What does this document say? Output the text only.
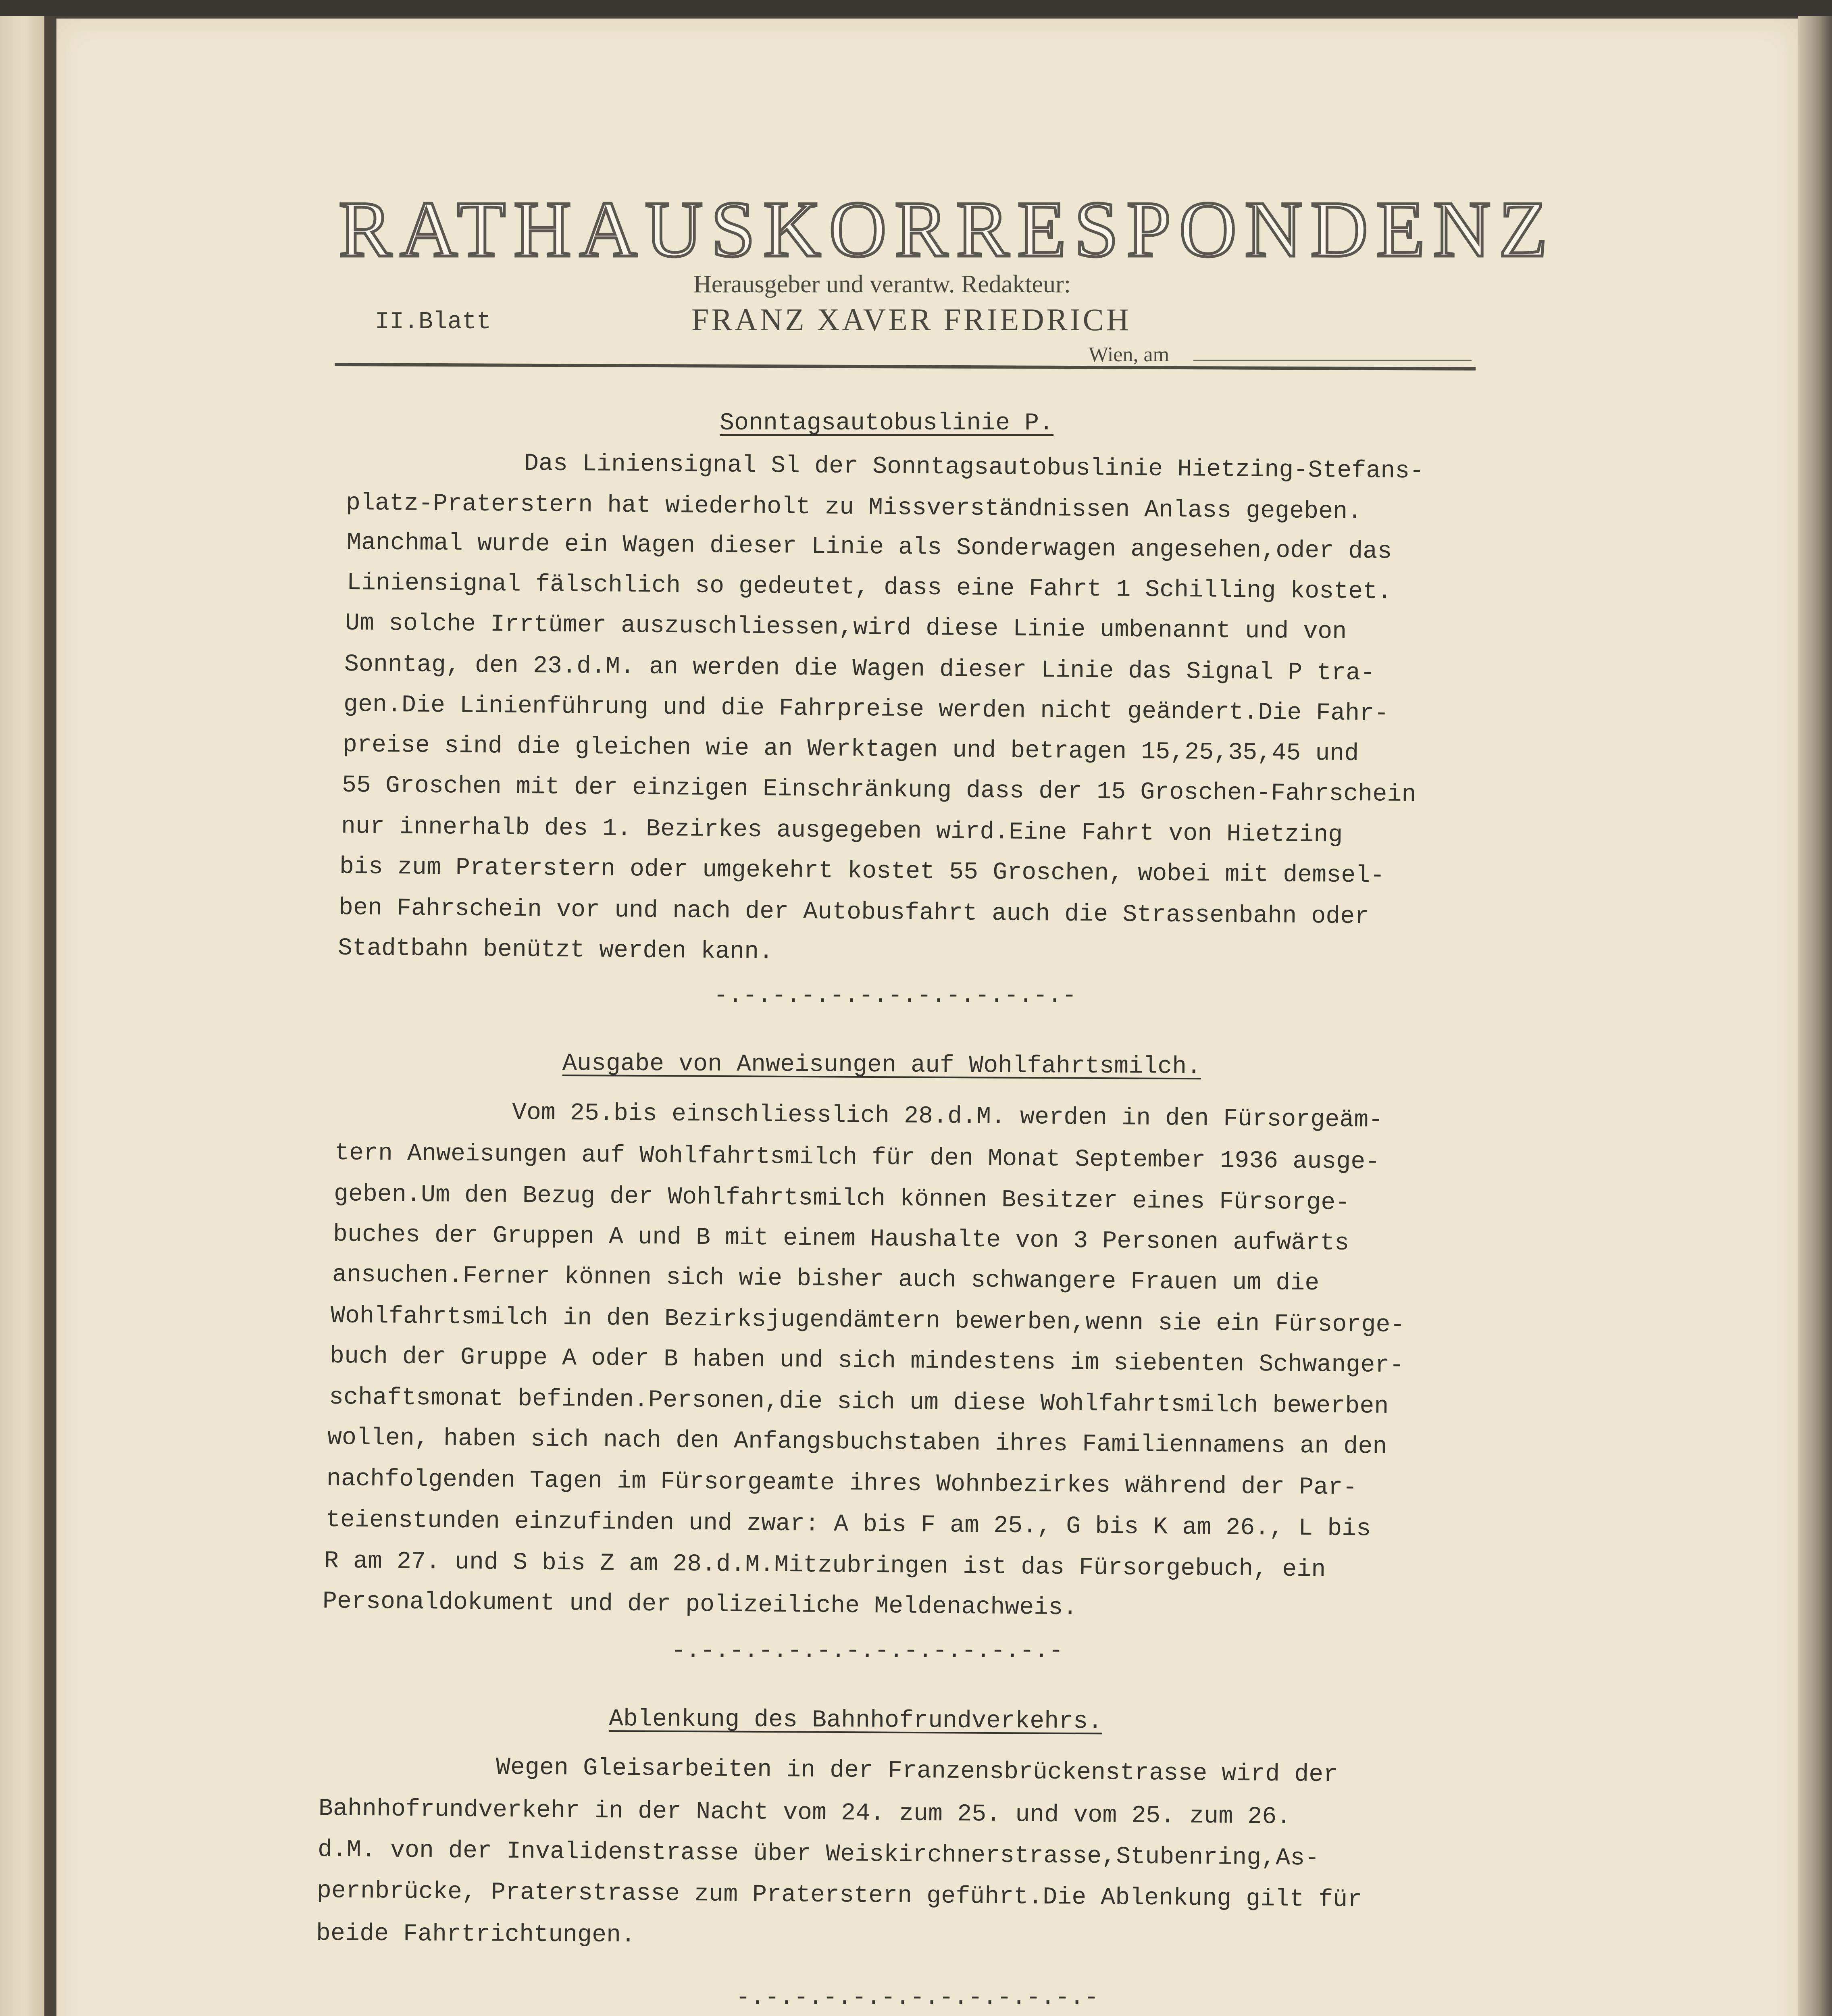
RATHAUSKORRESPONDENZ
Herausgeber und verantw. Redakteur:
FRANZ XAVER FRIEDRICH
II.Blatt
Wien, am
Sonntagsautobuslinie P.
Das Liniensignal Sl der Sonntagsautobuslinie Hietzing-Stefans-
platz-Praterstern hat wiederholt zu Missverständnissen Anlass gegeben.
Manchmal wurde ein Wagen dieser Linie als Sonderwagen angesehen,oder das
Liniensignal fälschlich so gedeutet, dass eine Fahrt 1 Schilling kostet.
Um solche Irrtümer auszuschliessen,wird diese Linie umbenannt und von
Sonntag, den 23.d.M. an werden die Wagen dieser Linie das Signal P tra-
gen.Die Linienführung und die Fahrpreise werden nicht geändert.Die Fahr-
preise sind die gleichen wie an Werktagen und betragen 15,25,35,45 und
55 Groschen mit der einzigen Einschränkung dass der 15 Groschen-Fahrschein
nur innerhalb des 1. Bezirkes ausgegeben wird.Eine Fahrt von Hietzing
bis zum Praterstern oder umgekehrt kostet 55 Groschen, wobei mit demsel-
ben Fahrschein vor und nach der Autobusfahrt auch die Strassenbahn oder
Stadtbahn benützt werden kann.
-.-.-.-.-.-.-.-.-.-.-.-.-
Ausgabe von Anweisungen auf Wohlfahrtsmilch.
Vom 25.bis einschliesslich 28.d.M. werden in den Fürsorgeäm-
tern Anweisungen auf Wohlfahrtsmilch für den Monat September 1936 ausge-
geben.Um den Bezug der Wohlfahrtsmilch können Besitzer eines Fürsorge-
buches der Gruppen A und B mit einem Haushalte von 3 Personen aufwärts
ansuchen.Ferner können sich wie bisher auch schwangere Frauen um die
Wohlfahrtsmilch in den Bezirksjugendämtern bewerben,wenn sie ein Fürsorge-
buch der Gruppe A oder B haben und sich mindestens im siebenten Schwanger-
schaftsmonat befinden.Personen,die sich um diese Wohlfahrtsmilch bewerben
wollen, haben sich nach den Anfangsbuchstaben ihres Familiennamens an den
nachfolgenden Tagen im Fürsorgeamte ihres Wohnbezirkes während der Par-
teienstunden einzufinden und zwar: A bis F am 25., G bis K am 26., L bis
R am 27. und S bis Z am 28.d.M.Mitzubringen ist das Fürsorgebuch, ein
Personaldokument und der polizeiliche Meldenachweis.
-.-.-.-.-.-.-.-.-.-.-.-.-.-
Ablenkung des Bahnhofrundverkehrs.
Wegen Gleisarbeiten in der Franzensbrückenstrasse wird der
Bahnhofrundverkehr in der Nacht vom 24. zum 25. und vom 25. zum 26.
d.M. von der Invalidenstrasse über Weiskirchnerstrasse,Stubenring,As-
pernbrücke, Praterstrasse zum Praterstern geführt.Die Ablenkung gilt für
beide Fahrtrichtungen.
-.-.-.-.-.-.-.-.-.-.-.-.-
